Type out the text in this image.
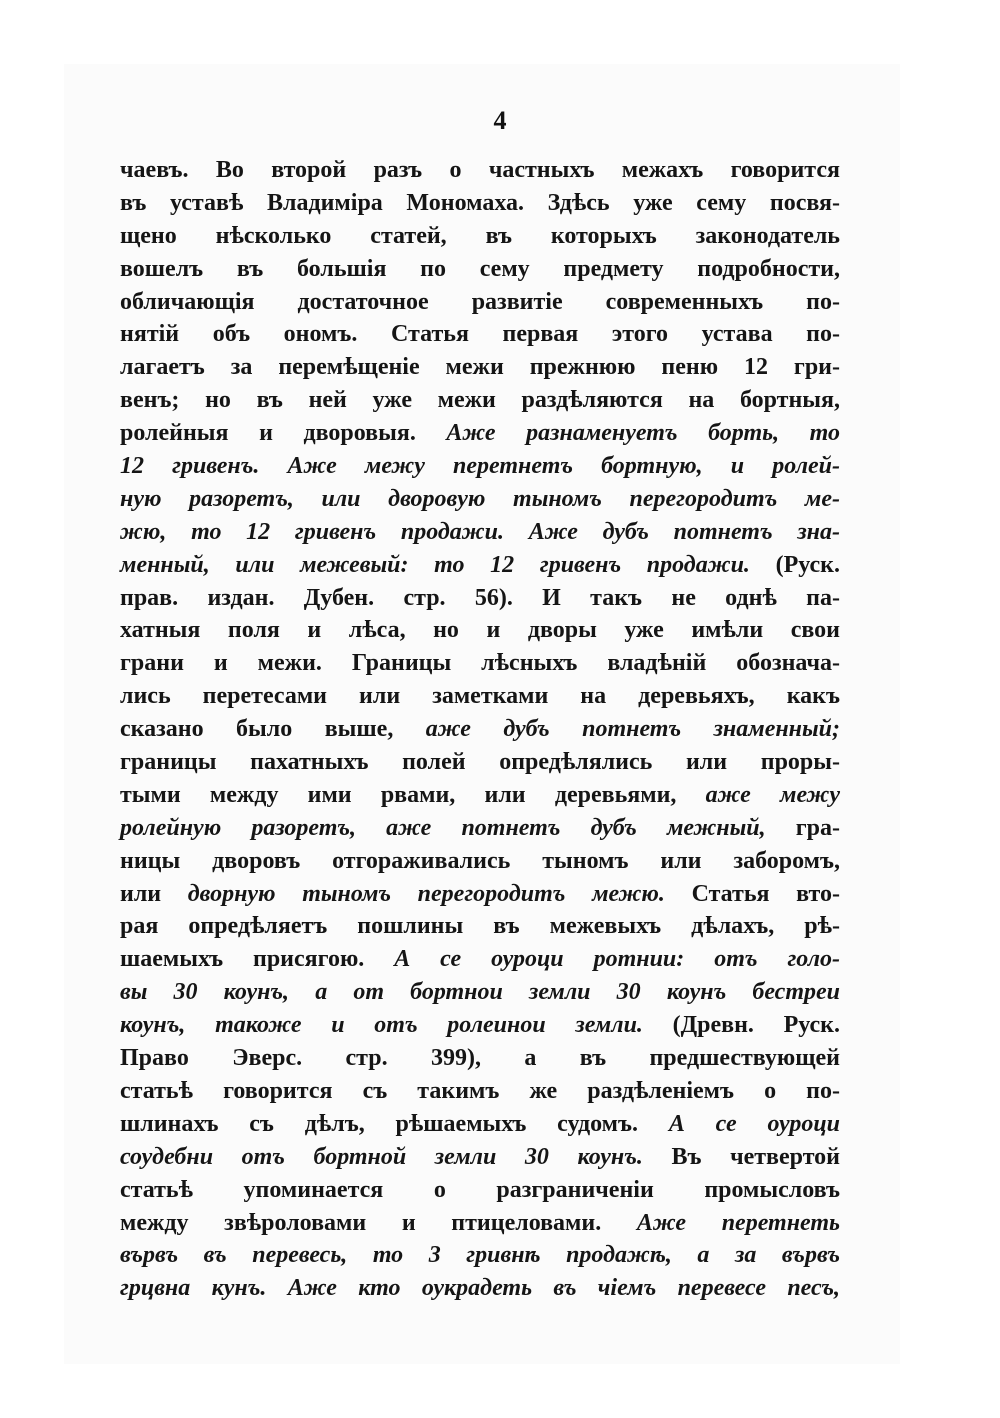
4
чаевъ. Во второй разъ о частныхъ межахъ говорится
въ уставѣ Владиміра Мономаха. Здѣсь уже сему посвя-
щено нѣсколько статей, въ которыхъ законодатель
вошелъ въ большія по сему предмету подробности,
обличающія достаточное развитіе современныхъ по-
нятій объ ономъ. Статья первая этого устава по-
лагаетъ за перемѣщеніе межи прежнюю пеню 12 гри-
венъ; но въ ней уже межи раздѣляются на бортныя,
ролейныя и дворовыя. Аже разнаменуетъ борть, то
12 гривенъ. Аже межу перетнетъ бортную, и ролей-
ную разоретъ, или дворовую тыномъ перегородитъ ме-
жю, то 12 гривенъ продажи. Аже дубъ потнетъ зна-
менный, или межевый: то 12 гривенъ продажи. (Руск.
прав. издан. Дубен. стр. 56). И такъ не однѣ па-
хатныя поля и лѣса, но и дворы уже имѣли свои
грани и межи. Границы лѣсныхъ владѣній обознача-
лись перетесами или заметками на деревьяхъ, какъ
сказано было выше, аже дубъ потнетъ знаменный;
границы пахатныхъ полей опредѣлялись или проры-
тыми между ими рвами, или деревьями, аже межу
ролейную разоретъ, аже потнетъ дубъ межный, гра-
ницы дворовъ отгораживались тыномъ или заборомъ,
или дворную тыномъ перегородитъ межю. Статья вто-
рая опредѣляетъ пошлины въ межевыхъ дѣлахъ, рѣ-
шаемыхъ присягою. А се оуроци ротнии: отъ голо-
вы 30 коунъ, а от бортнои земли 30 коунъ бестреи
коунъ, такоже и отъ ролеинои земли. (Древн. Руск.
Право Эверс. стр. 399), а въ предшествующей
статьѣ говорится съ такимъ же раздѣленіемъ о по-
шлинахъ съ дѣлъ, рѣшаемыхъ судомъ. А се оуроци
соудебни отъ бортной земли 30 коунъ. Въ четвертой
статьѣ упоминается о разграниченіи промысловъ
между звѣроловами и птицеловами. Аже перетнеть
вървъ въ перевесь, то 3 гривнѣ продажѣ, а за вървъ
грцвна кунъ. Аже кто оукрадеть въ чіемъ перевесе песъ,
